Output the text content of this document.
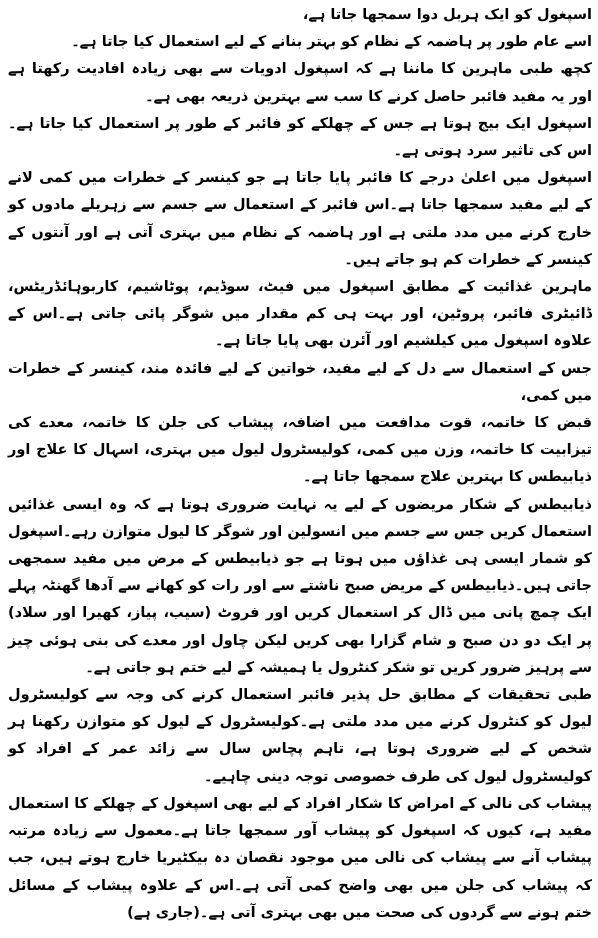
اسپغول کو ایک ہربل دوا سمجھا جاتا ہے،

اسے عام طور پر ہاضمہ کے نظام کو بہتر بنانے کے لیے استعمال کیا جاتا ہے۔

کچھ طبی ماہرین کا ماننا ہے کہ اسپغول ادویات سے بھی زیادہ افادیت رکھتا ہے اور یہ مفید فائبر حاصل کرنے کا سب سے بہترین ذریعہ بھی ہے۔

اسپغول ایک بیج ہوتا ہے جس کے چھلکے کو فائبر کے طور پر استعمال کیا جاتا ہے۔اس کی تاثیر سرد ہوتی ہے۔

اسپغول میں اعلیٰ درجے کا فائبر پایا جاتا ہے جو کینسر کے خطرات میں کمی لانے کے لیے مفید سمجھا جاتا ہے۔اس فائبر کے استعمال سے جسم سے زہریلے مادوں کو خارج کرنے میں مدد ملتی ہے اور ہاضمہ کے نظام میں بہتری آتی ہے اور آنتوں کے کینسر کے خطرات کم ہو جاتے ہیں۔

ماہرین غذائیت کے مطابق اسپغول میں فیٹ، سوڈیم، پوٹاشیم، کاربوہائڈریٹس، ڈائیٹری فائبر، پروٹین، اور بہت ہی کم مقدار میں شوگر پائی جاتی ہے۔اس کے علاوہ اسپغول میں کیلشیم اور آئرن بھی پایا جاتا ہے۔

جس کے استعمال سے دل کے لیے مفید، خواتین کے لیے فائدہ مند، کینسر کے خطرات میں کمی،

قبض کا خاتمہ، قوت مدافعت میں اضافہ، پیشاب کی جلن کا خاتمہ، معدے کی تیزابیت کا خاتمہ، وزن میں کمی، کولیسٹرول لیول میں بہتری، اسہال کا علاج اور ذیابیطس کا بہترین علاج سمجھا جاتا ہے۔

ذیابیطس کے شکار مریضوں کے لیے یہ نہایت ضروری ہوتا ہے کہ وہ ایسی غذائیں استعمال کریں جس سے جسم میں انسولین اور شوگر کا لیول متوازن رہے۔اسپغول کو شمار ایسی ہی غذاؤں میں ہوتا ہے جو ذیابیطس کے مرض میں مفید سمجھی جاتی ہیں۔ذیابیطس کے مریض صبح ناشتے سے اور رات کو کھانے سے آدھا گھنٹہ پہلے ایک چمچ پانی میں ڈال کر استعمال کریں اور فروٹ (سیب، پیاز، کھیرا اور سلاد) پر ایک دو دن صبح و شام گزارا بھی کریں لیکن چاول اور معدے کی بنی ہوئی چیز سے پرہیز ضرور کریں تو شکر کنٹرول یا ہمیشہ کے لیے ختم ہو جاتی ہے۔

طبی تحقیقات کے مطابق حل پذیر فائبر استعمال کرنے کی وجہ سے کولیسٹرول لیول کو کنٹرول کرنے میں مدد ملتی ہے۔کولیسٹرول کے لیول کو متوازن رکھنا ہر شخص کے لیے ضروری ہوتا ہے، تاہم پچاس سال سے زائد عمر کے افراد کو کولیسٹرول لیول کی طرف خصوصی توجہ دینی چاہیے۔

پیشاب کی نالی کے امراض کا شکار افراد کے لیے بھی اسپغول کے چھلکے کا استعمال مفید ہے، کیوں کہ اسپغول کو پیشاب آور سمجھا جاتا ہے۔معمول سے زیادہ مرتبہ پیشاب آنے سے پیشاب کی نالی میں موجود نقصان دہ بیکٹیریا خارج ہوتے ہیں، جب کہ پیشاب کی جلن میں بھی واضح کمی آتی ہے۔اس کے علاوہ پیشاب کے مسائل ختم ہونے سے گردوں کی صحت میں بھی بہتری آتی ہے۔(جاری ہے)
